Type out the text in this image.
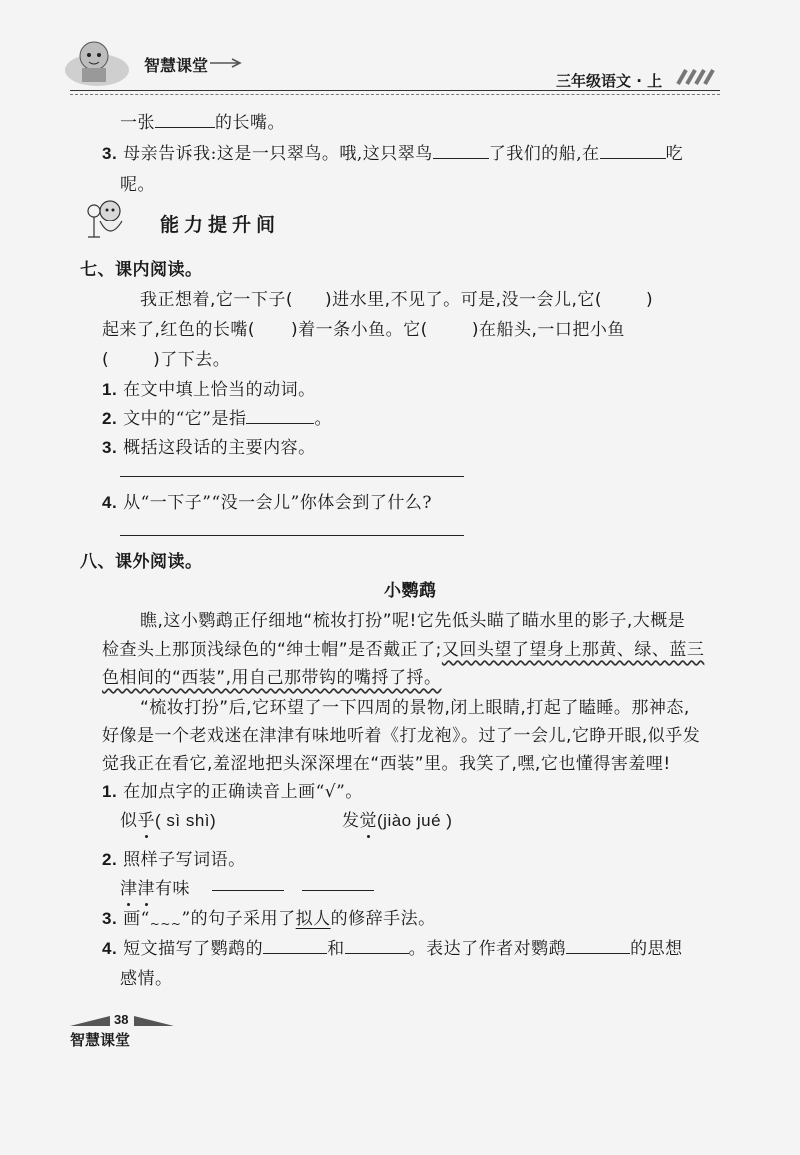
智慧课堂
三年级语文 · 上
一张	的长嘴。
3. 母亲告诉我:这是一只翠鸟。哦,这只翠鸟	了我们的船,在	吃
呢。
能力提升间
七、课内阅读。
我正想着,它一下子( )进水里,不见了。可是,没一会儿,它(	)
起来了,红色的长嘴( )着一条小鱼。它(	)在船头,一口把小鱼
(	)了下去。
1. 在文中填上恰当的动词。
2. 文中的“它”是指	。
3. 概括这段话的主要内容。
4. 从“一下子”“没一会儿”你体会到了什么?
八、课外阅读。
小鹦鹉
瞧,这小鹦鹉正仔细地“梳妆打扮”呢!它先低头瞄了瞄水里的影子,大概是
检查头上那顶浅绿色的“绅士帽”是否戴正了;又回头望了望身上那黄、绿、蓝三
色相间的“西装”,用自己那带钩的嘴捋了捋。
“梳妆打扮”后,它环望了一下四周的景物,闭上眼睛,打起了瞌睡。那神态,
好像是一个老戏迷在津津有味地听着《打龙袍》。过了一会儿,它睁开眼,似乎发
觉我正在看它,羞涩地把头深深埋在“西装”里。我笑了,嘿,它也懂得害羞哩!
1. 在加点字的正确读音上画“√”。
似乎( sì shì)	发觉(jiào jué )
2. 照样子写词语。
津津有味
3. 画“$_{\sim\sim\sim}$”的句子采用了拟人的修辞手法。
4. 短文描写了鹦鹉的	和	。表达了作者对鹦鹉	的思想
感情。
38
智慧课堂
